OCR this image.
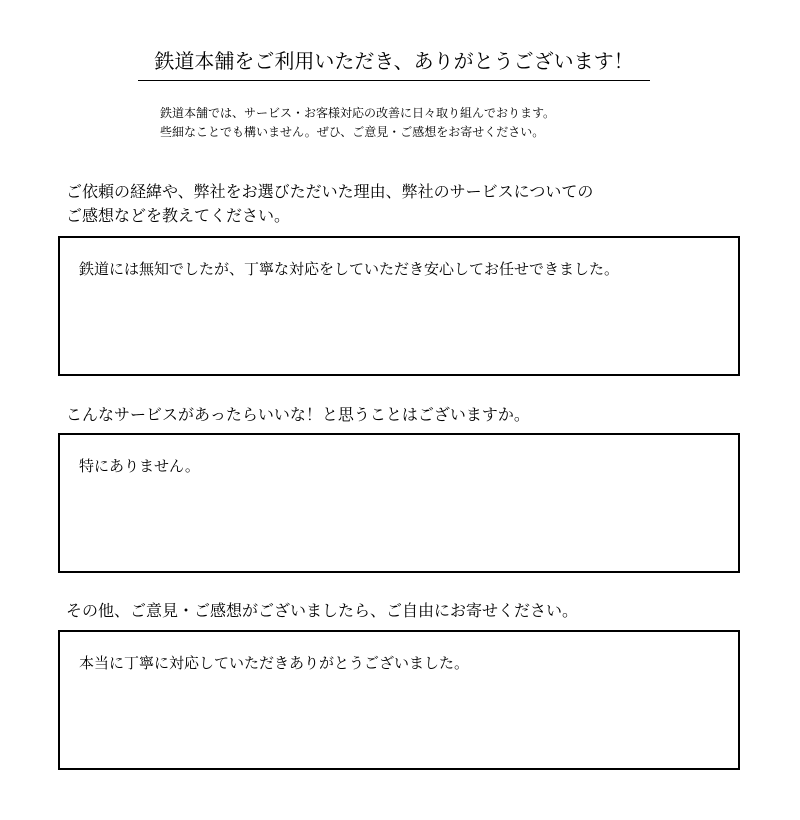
鉄道本舗をご利用いただき、ありがとうございます！
鉄道本舗では、サービス・お客様対応の改善に日々取り組んでおります。
些細なことでも構いません。ぜひ、ご意見・ご感想をお寄せください。
ご依頼の経緯や、弊社をお選びただいた理由、弊社のサービスについての
ご感想などを教えてください。
鉄道には無知でしたが、丁寧な対応をしていただき安心してお任せできました。
こんなサービスがあったらいいな！と思うことはございますか。
特にありません。
その他、ご意見・ご感想がございましたら、ご自由にお寄せください。
本当に丁寧に対応していただきありがとうございました。
